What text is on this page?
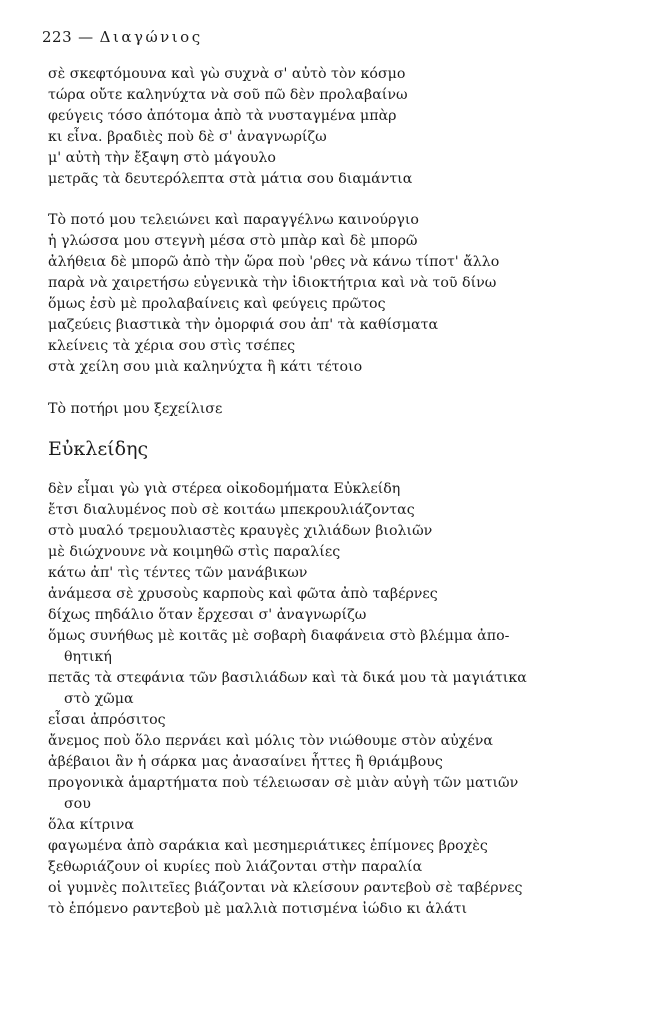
223 — Διαγώνιος
σὲ σκεφτόμουνα καὶ γὼ συχνὰ σ' αὐτὸ τὸν κόσμο
τώρα οὔτε καληνύχτα νὰ σοῦ πῶ δὲν προλαβαίνω
φεύγεις τόσο ἀπότομα ἀπὸ τὰ νυσταγμένα μπὰρ
κι εἶνα. βραδιὲς ποὺ δὲ σ' ἀναγνωρίζω
μ' αὐτὴ τὴν ἔξαψη στὸ μάγουλο
μετρᾶς τὰ δευτερόλεπτα στὰ μάτια σου διαμάντια
Τὸ ποτό μου τελειώνει καὶ παραγγέλνω καινούργιο
ἡ γλώσσα μου στεγνὴ μέσα στὸ μπὰρ καὶ δὲ μπορῶ
ἀλήθεια δὲ μπορῶ ἀπὸ τὴν ὥρα ποὺ 'ρθες νὰ κάνω τίποτ' ἄλλο
παρὰ νὰ χαιρετήσω εὐγενικὰ τὴν ἰδιοκτήτρια καὶ νὰ τοῦ δίνω
ὅμως ἐσὺ μὲ προλαβαίνεις καὶ φεύγεις πρῶτος
μαζεύεις βιαστικὰ τὴν ὀμορφιά σου ἀπ' τὰ καθίσματα
κλείνεις τὰ χέρια σου στὶς τσέπες
στὰ χείλη σου μιὰ καληνύχτα ἢ κάτι τέτοιο
Τὸ ποτήρι μου ξεχείλισε
Εὐκλείδης
δὲν εἶμαι γὼ γιὰ στέρεα οἰκοδομήματα Εὐκλείδη
ἔτσι διαλυμένος ποὺ σὲ κοιτάω μπεκρουλιάζοντας
στὸ μυαλό τρεμουλιαστὲς κραυγὲς χιλιάδων βιολιῶν
μὲ διώχνουνε νὰ κοιμηθῶ στὶς παραλίες
κάτω ἀπ' τὶς τέντες τῶν μανάβικων
ἀνάμεσα σὲ χρυσοὺς καρποὺς καὶ φῶτα ἀπὸ ταβέρνες
δίχως πηδάλιο ὅταν ἔρχεσαι σ' ἀναγνωρίζω
ὅμως συνήθως μὲ κοιτᾶς μὲ σοβαρὴ διαφάνεια στὸ βλέμμα ἀπο-
θητική
πετᾶς τὰ στεφάνια τῶν βασιλιάδων καὶ τὰ δικά μου τὰ μαγιάτικα
στὸ χῶμα
εἶσαι ἀπρόσιτος
ἄνεμος ποὺ ὅλο περνάει καὶ μόλις τὸν νιώθουμε στὸν αὐχένα
ἀβέβαιοι ἂν ἡ σάρκα μας ἀνασαίνει ἧττες ἢ θριάμβους
προγονικὰ ἁμαρτήματα ποὺ τέλειωσαν σὲ μιὰν αὐγὴ τῶν ματιῶν
σου
ὅλα κίτρινα
φαγωμένα ἀπὸ σαράκια καὶ μεσημεριάτικες ἐπίμονες βροχὲς
ξεθωριάζουν οἱ κυρίες ποὺ λιάζονται στὴν παραλία
οἱ γυμνὲς πολιτεῖες βιάζονται νὰ κλείσουν ραντεβοὺ σὲ ταβέρνες
τὸ ἑπόμενο ραντεβοὺ μὲ μαλλιὰ ποτισμένα ἰώδιο κι ἁλάτι
